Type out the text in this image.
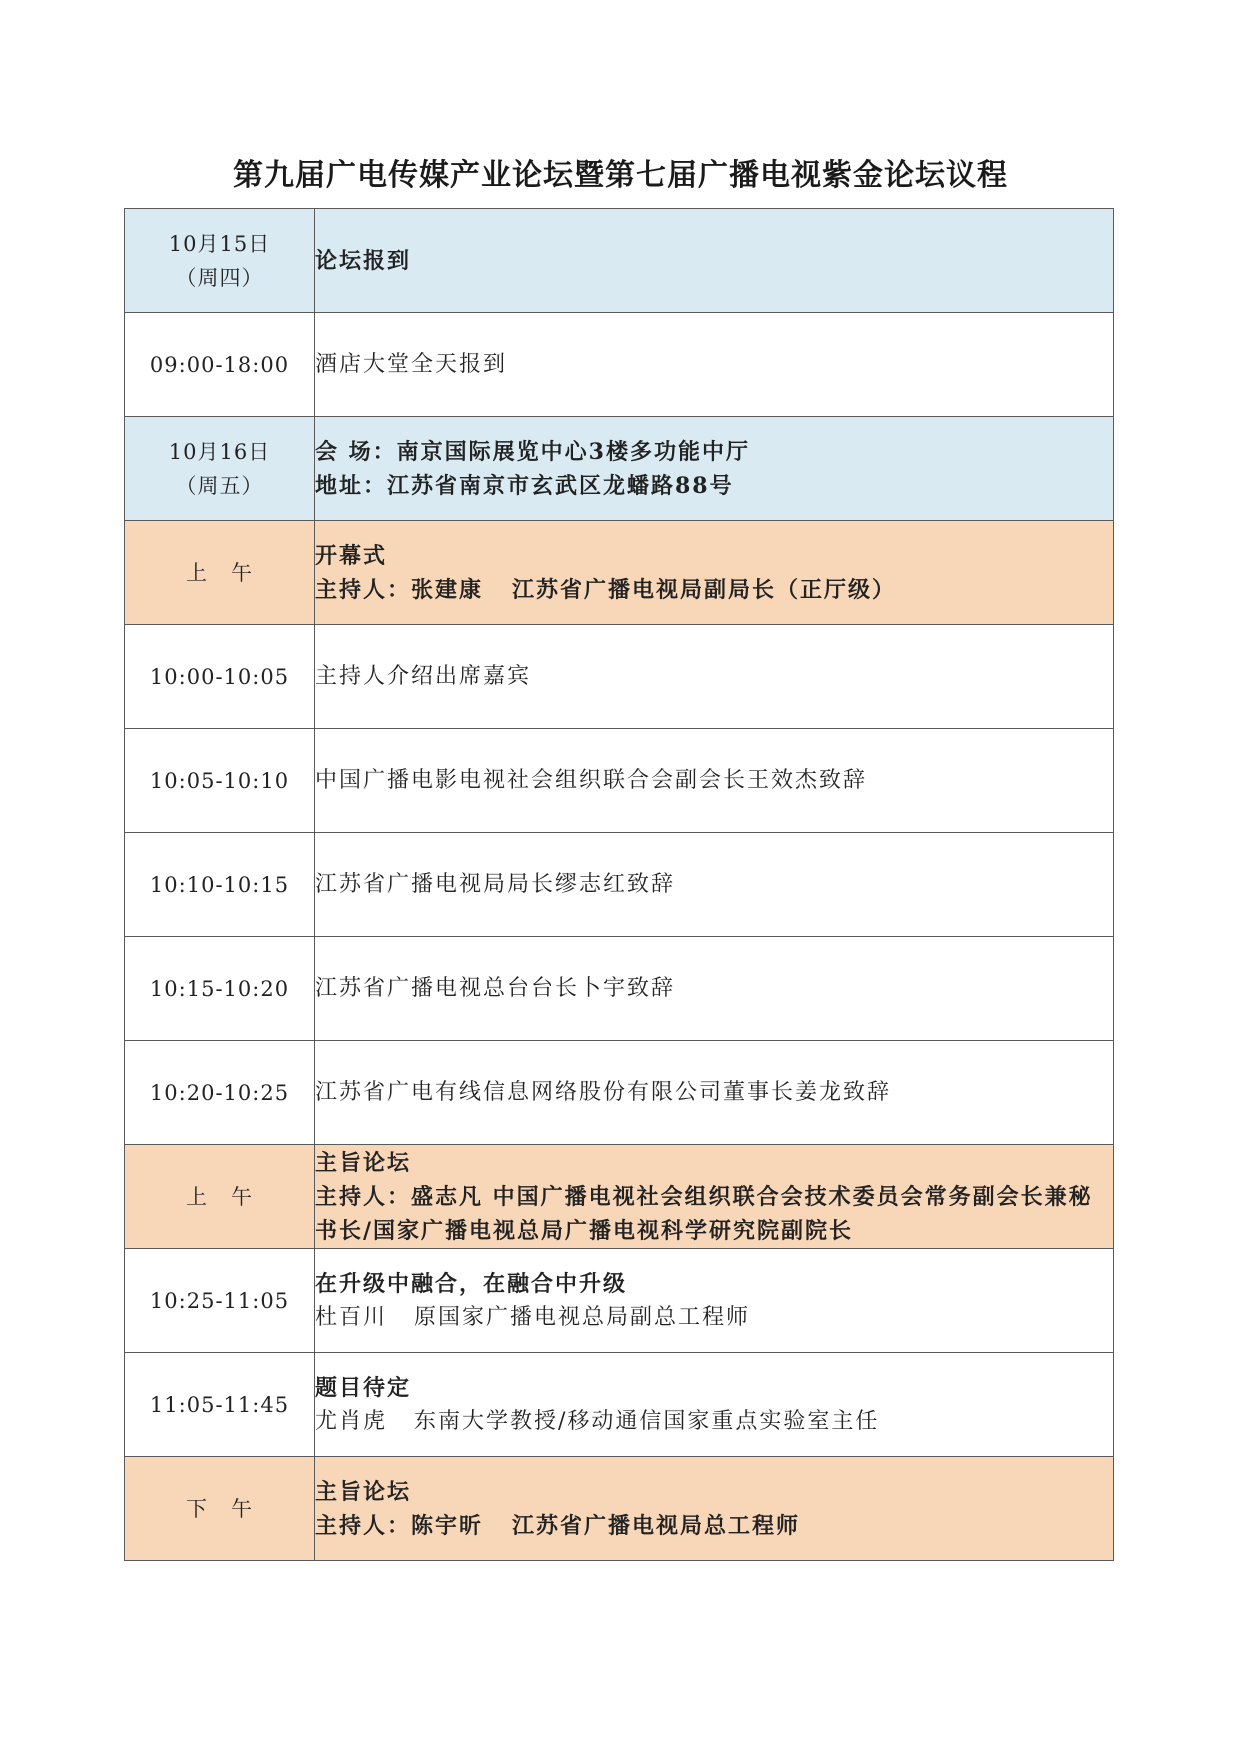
第九届广电传媒产业论坛暨第七届广播电视紫金论坛议程
10月15日
（周四）	论坛报到

09:00-18:00	酒店大堂全天报到

10月16日
（周五）	会 场：南京国际展览中心3楼多功能中厅
地址：江苏省南京市玄武区龙蟠路88号

上   午	开幕式
主持人：张建康   江苏省广播电视局副局长（正厅级）

10:00-10:05	主持人介绍出席嘉宾

10:05-10:10	中国广播电影电视社会组织联合会副会长王效杰致辞

10:10-10:15	江苏省广播电视局局长缪志红致辞

10:15-10:20	江苏省广播电视总台台长卜宇致辞

10:20-10:25	江苏省广电有线信息网络股份有限公司董事长姜龙致辞

上   午	主旨论坛
主持人：盛志凡 中国广播电视社会组织联合会技术委员会常务副会长兼秘书长/国家广播电视总局广播电视科学研究院副院长

10:25-11:05	在升级中融合，在融合中升级
杜百川   原国家广播电视总局副总工程师

11:05-11:45	题目待定
尤肖虎   东南大学教授/移动通信国家重点实验室主任

下   午	主旨论坛
主持人：陈宇昕   江苏省广播电视局总工程师
